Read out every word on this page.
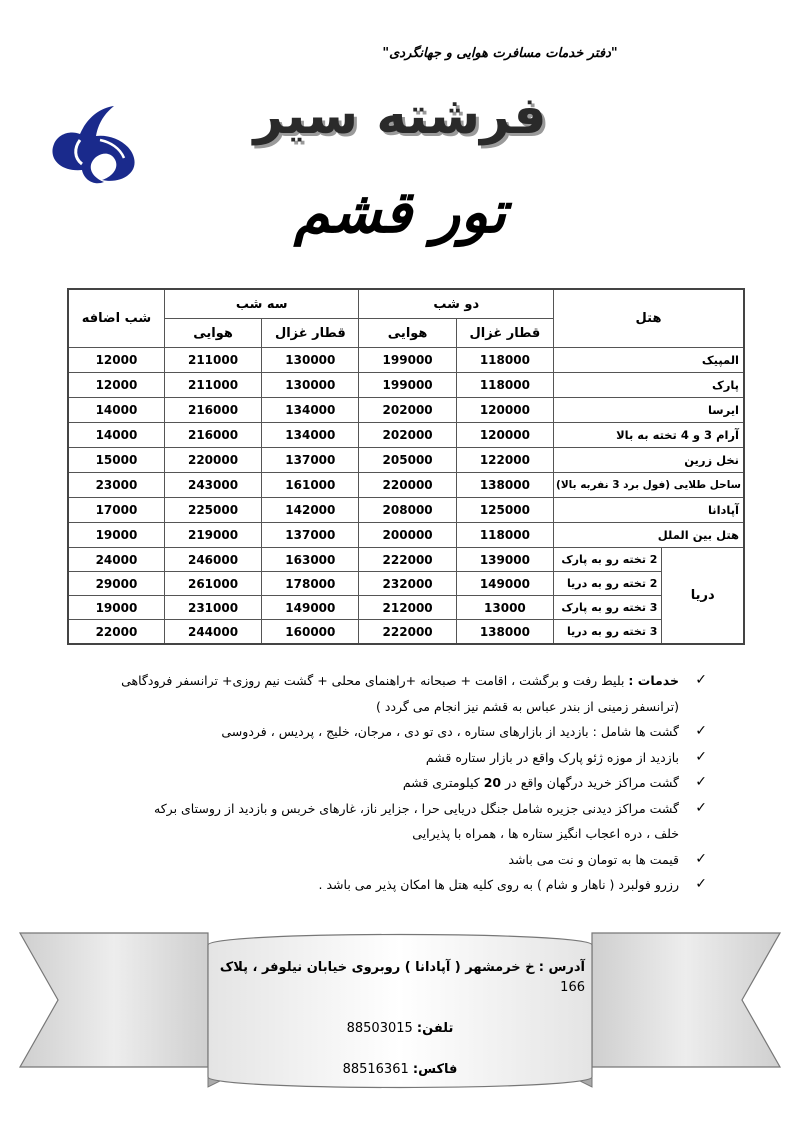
"دفتر خدمات مسافرت هوایی و جهانگردی"
فرشته سیر
تور قشم
هتل		دو شب		سه شب		شب اضافه
		قطار غزال	هوایی	قطار غزال	هوایی	
المپیک		118000	199000	130000	211000	12000
پارک		118000	199000	130000	211000	12000
ایرسا		120000	202000	134000	216000	14000
آرام 3 و 4 تخته به بالا		120000	202000	134000	216000	14000
نخل زرین		122000	205000	137000	220000	15000
ساحل طلایی (فول برد 3 نفربه بالا)		138000	220000	161000	243000	23000
آپادانا		125000	208000	142000	225000	17000
هتل بین الملل		118000	200000	137000	219000	19000
دریا	2 تخته رو به پارک	139000	222000	163000	246000	24000
	2 تخته رو به دریا	149000	232000	178000	261000	29000
	3 تخته رو به پارک	13000	212000	149000	231000	19000
	3 تخته رو به دریا	138000	222000	160000	244000	22000
✓
خدمات : بلیط رفت و برگشت ، اقامت + صبحانه +راهنمای محلی + گشت نیم روزی+ ترانسفر فرودگاهی
(ترانسفر زمینی از بندر عباس به قشم نیز انجام می گردد )
✓
گشت ها شامل : بازدید از بازارهای ستاره ، دی تو دی ، مرجان، خلیج ، پردیس ، فردوسی
✓
بازدید از موزه ژئو پارک واقع در بازار ستاره قشم
✓
گشت مراکز خرید درگهان واقع در 20 کیلومتری قشم
✓
گشت مراکز دیدنی جزیره شامل جنگل دریایی حرا ، جزایر ناز، غارهای خربس و بازدید از روستای برکه
خلف ، دره اعجاب انگیز ستاره ها ، همراه با پذیرایی
✓
قیمت ها به تومان و نت می باشد
✓
رزرو فولبرد ( ناهار و شام ) به روی کلیه هتل ها امکان پذیر می باشد .
آدرس : خ خرمشهر ( آپادانا ) روبروی خیابان نیلوفر ، پلاک 166
تلفن: 88503015
فاکس: 88516361
